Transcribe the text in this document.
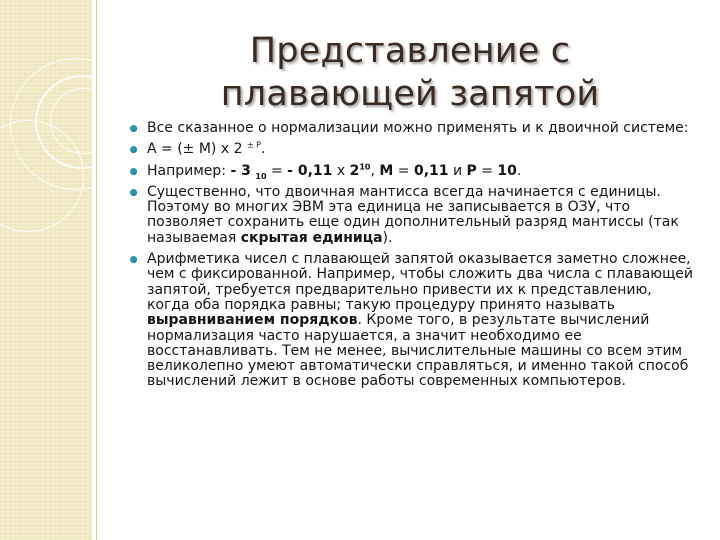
Представление с
плавающей запятой
Все сказанное о нормализации можно применять и к двоичной системе:
A = (± M) x 2 $^{\pm P}$.
Например: - 3 $_{10}$ = - 0,11 x $2^{10}$, M = 0,11 и P = 10.
Существенно, что двоичная мантисса всегда начинается с единицы. Поэтому во многих ЭВМ эта единица не записывается в ОЗУ, что позволяет сохранить еще один дополнительный разряд мантиссы (так называемая скрытая единица).
Арифметика чисел с плавающей запятой оказывается заметно сложнее, чем с фиксированной. Например, чтобы сложить два числа с плавающей запятой, требуется предварительно привести их к представлению, когда оба порядка равны; такую процедуру принято называть выравниванием порядков. Кроме того, в результате вычислений нормализация часто нарушается, а значит необходимо ее восстанавливать. Тем не менее, вычислительные машины со всем этим великолепно умеют автоматически справляться, и именно такой способ вычислений лежит в основе работы современных компьютеров.
